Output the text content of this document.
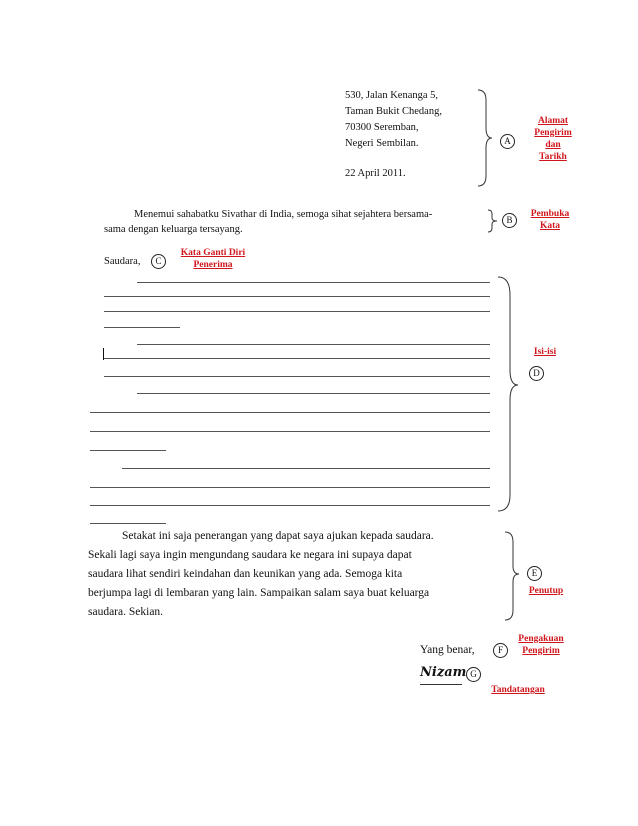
530, Jalan Kenanga 5,
Taman Bukit Chedang,
70300 Seremban,
Negeri Sembilan.
22 April 2011.
A
Alamat
Pengirim
dan
Tarikh
Menemui sahabatku Sivathar di India, semoga sihat sejahtera bersama-
sama dengan keluarga tersayang.
B
Pembuka
Kata
Saudara,	C
Kata Ganti Diri
Penerima
Isi-isi
D
Setakat ini saja penerangan yang dapat saya ajukan kepada saudara.
Sekali lagi saya ingin mengundang saudara ke negara ini supaya dapat
saudara lihat sendiri keindahan dan keunikan yang ada. Semoga kita
berjumpa lagi di lembaran yang lain. Sampaikan salam saya buat keluarga
saudara. Sekian.
E
Penutup
Yang benar,	F
Pengakuan
Pengirim
Nizam G
Tandatangan
